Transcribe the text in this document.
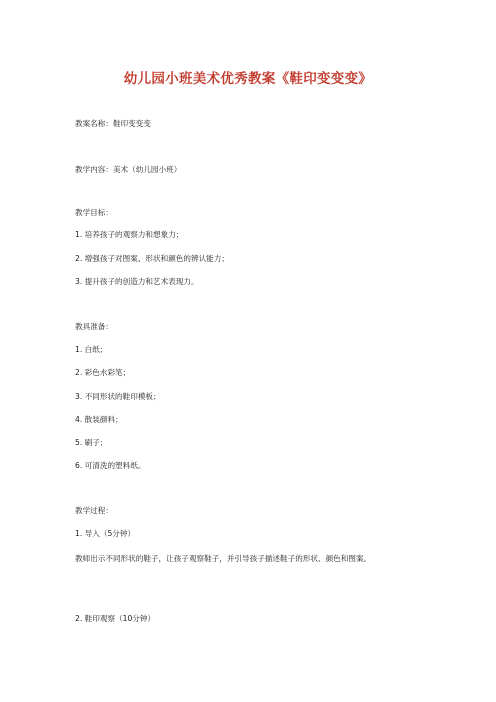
幼儿园小班美术优秀教案《鞋印变变变》
教案名称：鞋印变变变
教学内容：美术（幼儿园小班）
教学目标：
1. 培养孩子的观察力和想象力；
2. 增强孩子对图案、形状和颜色的辨认能力；
3. 提升孩子的创造力和艺术表现力。
教具准备：
1. 白纸；
2. 彩色水彩笔；
3. 不同形状的鞋印模板；
4. 散装颜料；
5. 刷子；
6. 可清洗的塑料纸。
教学过程：
1. 导入（5分钟）
教师出示不同形状的鞋子，让孩子观察鞋子，并引导孩子描述鞋子的形状、颜色和图案。
2. 鞋印观察（10分钟）
